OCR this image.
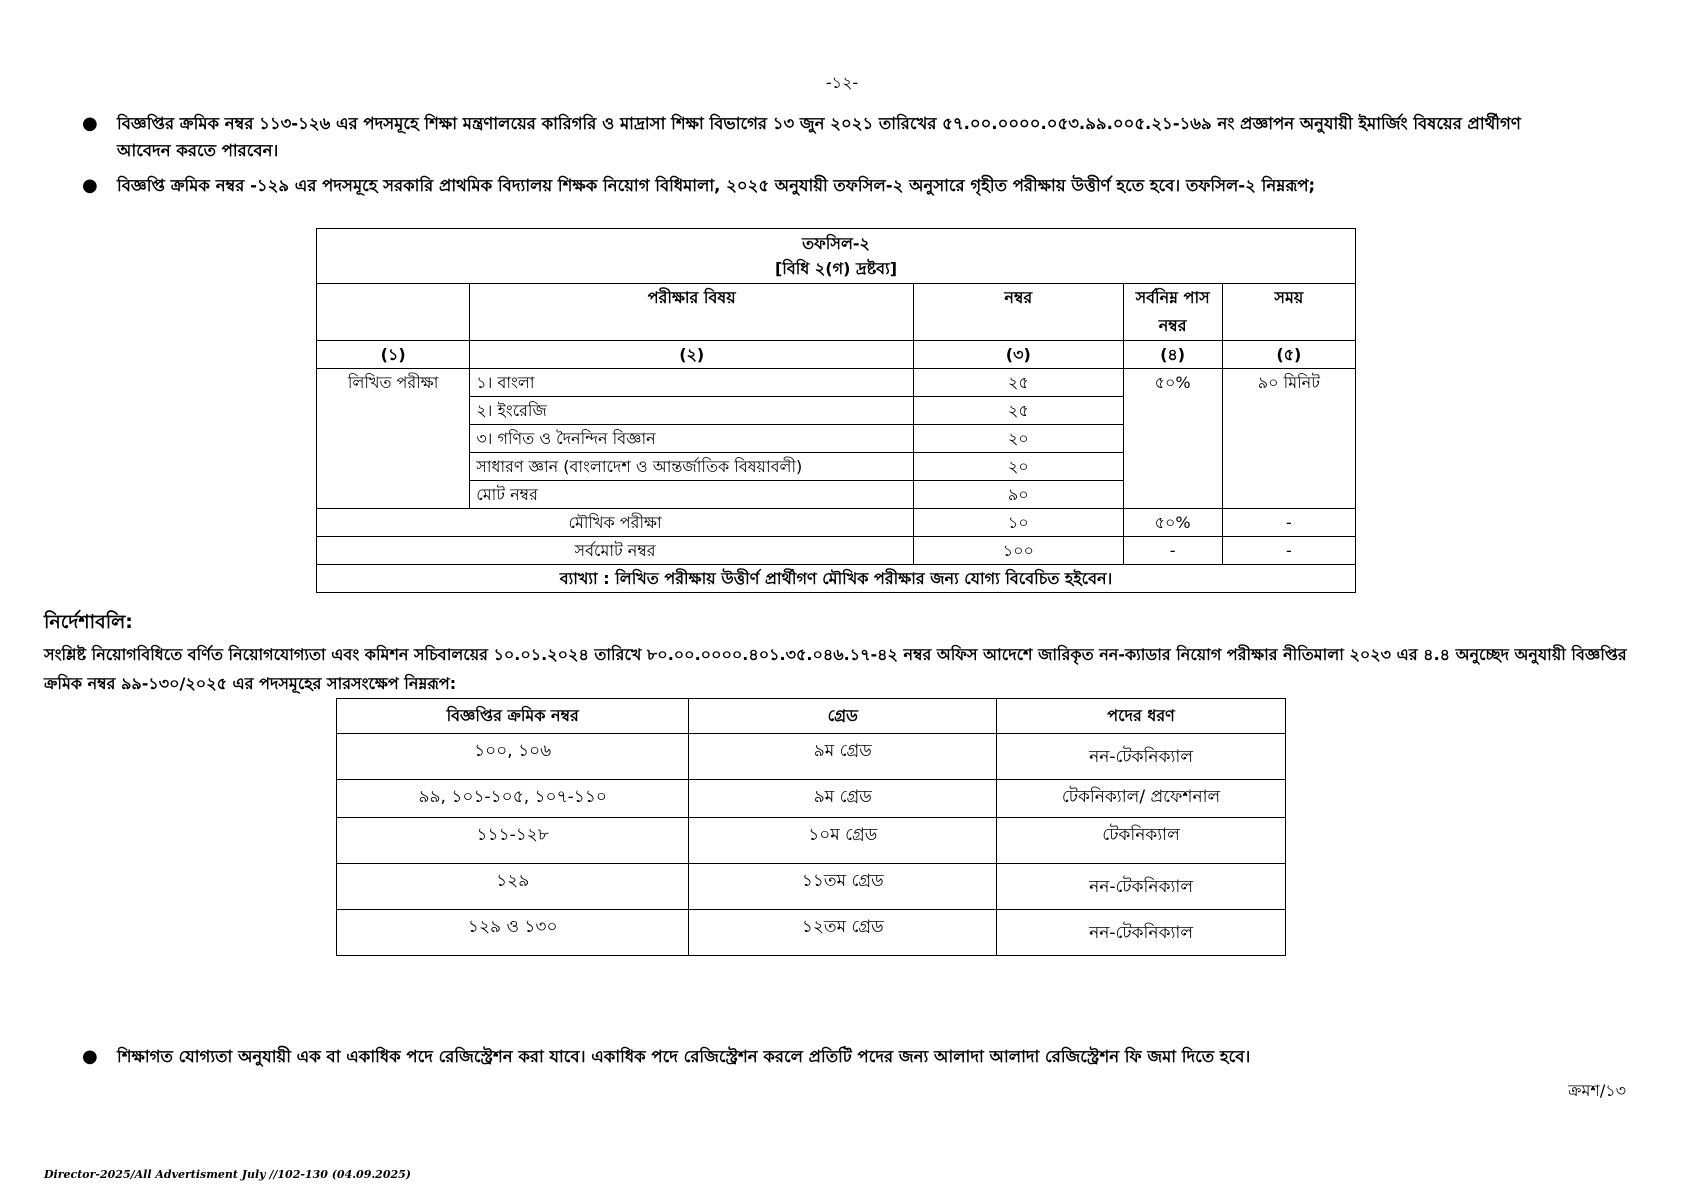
-১২-
● বিজ্ঞপ্তির ক্রমিক নম্বর ১১৩-১২৬ এর পদসমূহে শিক্ষা মন্ত্রণালয়ের কারিগরি ও মাদ্রাসা শিক্ষা বিভাগের ১৩ জুন ২০২১ তারিখের ৫৭.০০.০০০০.০৫৩.৯৯.০০৫.২১-১৬৯ নং প্রজ্ঞাপন অনুযায়ী ইমার্জিং বিষয়ের প্রার্থীগণ আবেদন করতে পারবেন।
● বিজ্ঞপ্তি ক্রমিক নম্বর -১২৯ এর পদসমূহে সরকারি প্রাথমিক বিদ্যালয় শিক্ষক নিয়োগ বিধিমালা, ২০২৫ অনুযায়ী তফসিল-২ অনুসারে গৃহীত পরীক্ষায় উত্তীর্ণ হতে হবে। তফসিল-২ নিম্নরূপ;
তফসিল-২
[বিধি ২(গ) দ্রষ্টব্য]				

	পরীক্ষার বিষয়	নম্বর	সর্বনিম্ন পাস নম্বর	সময়
(১)	(২)	(৩)	(৪)	(৫)
লিখিত পরীক্ষা	১। বাংলা	২৫	৫০%	৯০ মিনিট
	২। ইংরেজি	২৫		
	৩। গণিত ও দৈনন্দিন বিজ্ঞান	২০		
	সাধারণ জ্ঞান (বাংলাদেশ ও আন্তর্জাতিক বিষয়াবলী)	২০		
	মোট নম্বর	৯০		
মৌখিক পরীক্ষা		১০	৫০%	-
সর্বমোট নম্বর		১০০	-	-
ব্যাখ্যা : লিখিত পরীক্ষায় উত্তীর্ণ প্রার্থীগণ মৌখিক পরীক্ষার জন্য যোগ্য বিবেচিত হইবেন।				
নির্দেশাবলি:
সংশ্লিষ্ট নিয়োগবিধিতে বর্ণিত নিয়োগযোগ্যতা এবং কমিশন সচিবালয়ের ১০.০১.২০২৪ তারিখে ৮০.০০.০০০০.৪০১.৩৫.০৪৬.১৭-৪২ নম্বর অফিস আদেশে জারিকৃত নন-ক্যাডার নিয়োগ পরীক্ষার নীতিমালা ২০২৩ এর ৪.৪ অনুচ্ছেদ অনুযায়ী বিজ্ঞপ্তির ক্রমিক নম্বর ৯৯-১৩০/২০২৫ এর পদসমূহের সারসংক্ষেপ নিম্নরূপ:
বিজ্ঞপ্তির ক্রমিক নম্বর	গ্রেড	পদের ধরণ
১০০, ১০৬	৯ম গ্রেড	নন-টেকনিক্যাল
৯৯, ১০১-১০৫, ১০৭-১১০	৯ম গ্রেড	টেকনিক্যাল/ প্রফেশনাল
১১১-১২৮	১০ম গ্রেড	টেকনিক্যাল
১২৯	১১তম গ্রেড	নন-টেকনিক্যাল
১২৯ ও ১৩০	১২তম গ্রেড	নন-টেকনিক্যাল
● শিক্ষাগত যোগ্যতা অনুযায়ী এক বা একাধিক পদে রেজিস্ট্রেশন করা যাবে। একাধিক পদে রেজিস্ট্রেশন করলে প্রতিটি পদের জন্য আলাদা আলাদা রেজিস্ট্রেশন ফি জমা দিতে হবে।
ক্রমশ/১৩
Director-2025/All Advertisment July //102-130 (04.09.2025)
